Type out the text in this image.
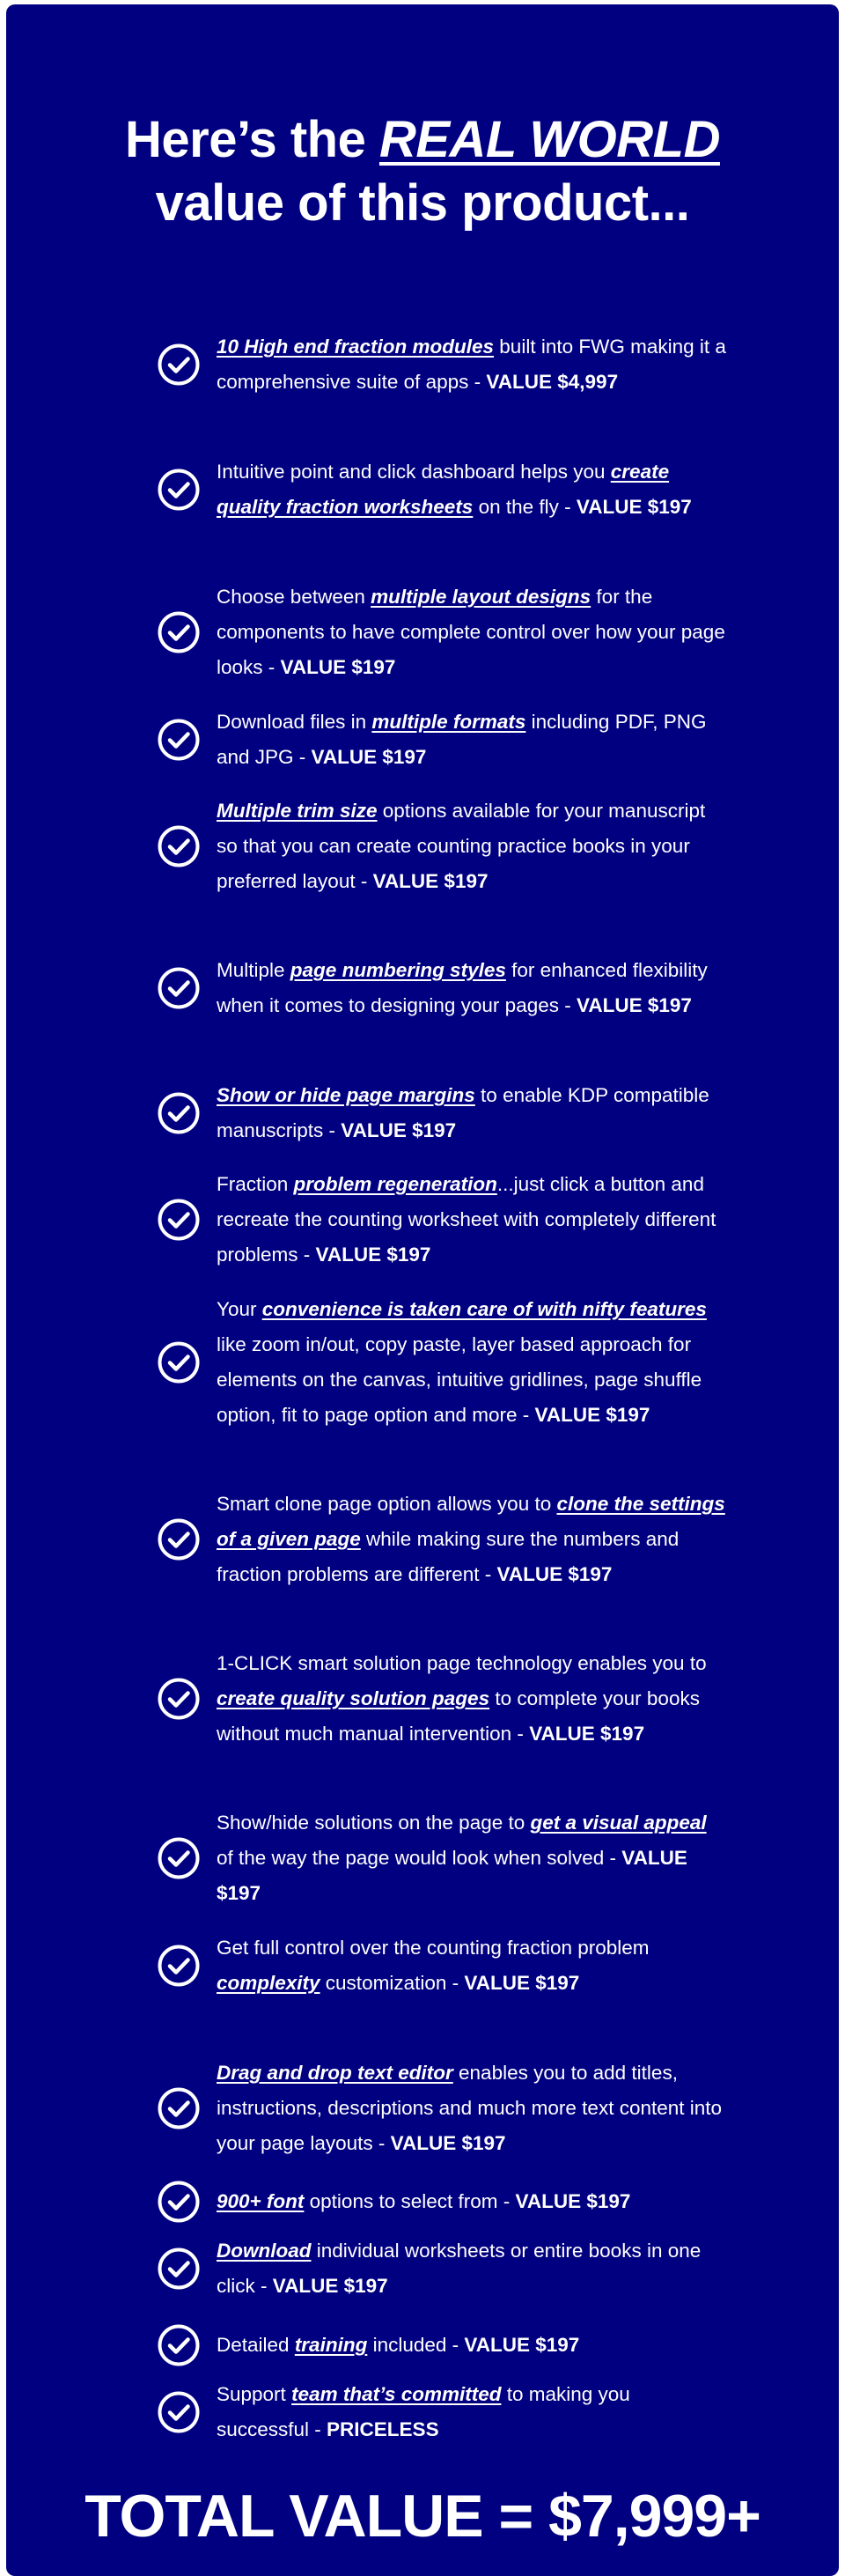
Here’s the REAL WORLD
value of this product...
10 High end fraction modules built into FWG making it a comprehensive suite of apps - VALUE $4,997
Intuitive point and click dashboard helps you create quality fraction worksheets on the fly - VALUE $197
Choose between multiple layout designs for the components to have complete control over how your page looks - VALUE $197
Download files in multiple formats including PDF, PNG and JPG - VALUE $197
Multiple trim size options available for your manuscript so that you can create counting practice books in your preferred layout - VALUE $197
Multiple page numbering styles for enhanced flexibility when it comes to designing your pages - VALUE $197
Show or hide page margins to enable KDP compatible manuscripts - VALUE $197
Fraction problem regeneration...just click a button and recreate the counting worksheet with completely different problems - VALUE $197
Your convenience is taken care of with nifty features like zoom in/out, copy paste, layer based approach for elements on the canvas, intuitive gridlines, page shuffle option, fit to page option and more - VALUE $197
Smart clone page option allows you to clone the settings of a given page while making sure the numbers and fraction problems are different - VALUE $197
1-CLICK smart solution page technology enables you to create quality solution pages to complete your books without much manual intervention - VALUE $197
Show/hide solutions on the page to get a visual appeal of the way the page would look when solved - VALUE $197
Get full control over the counting fraction problem complexity customization - VALUE $197
Drag and drop text editor enables you to add titles, instructions, descriptions and much more text content into your page layouts - VALUE $197
900+ font options to select from - VALUE $197
Download individual worksheets or entire books in one click - VALUE $197
Detailed training included - VALUE $197
Support team that’s committed to making you successful - PRICELESS
TOTAL VALUE = $7,999+
